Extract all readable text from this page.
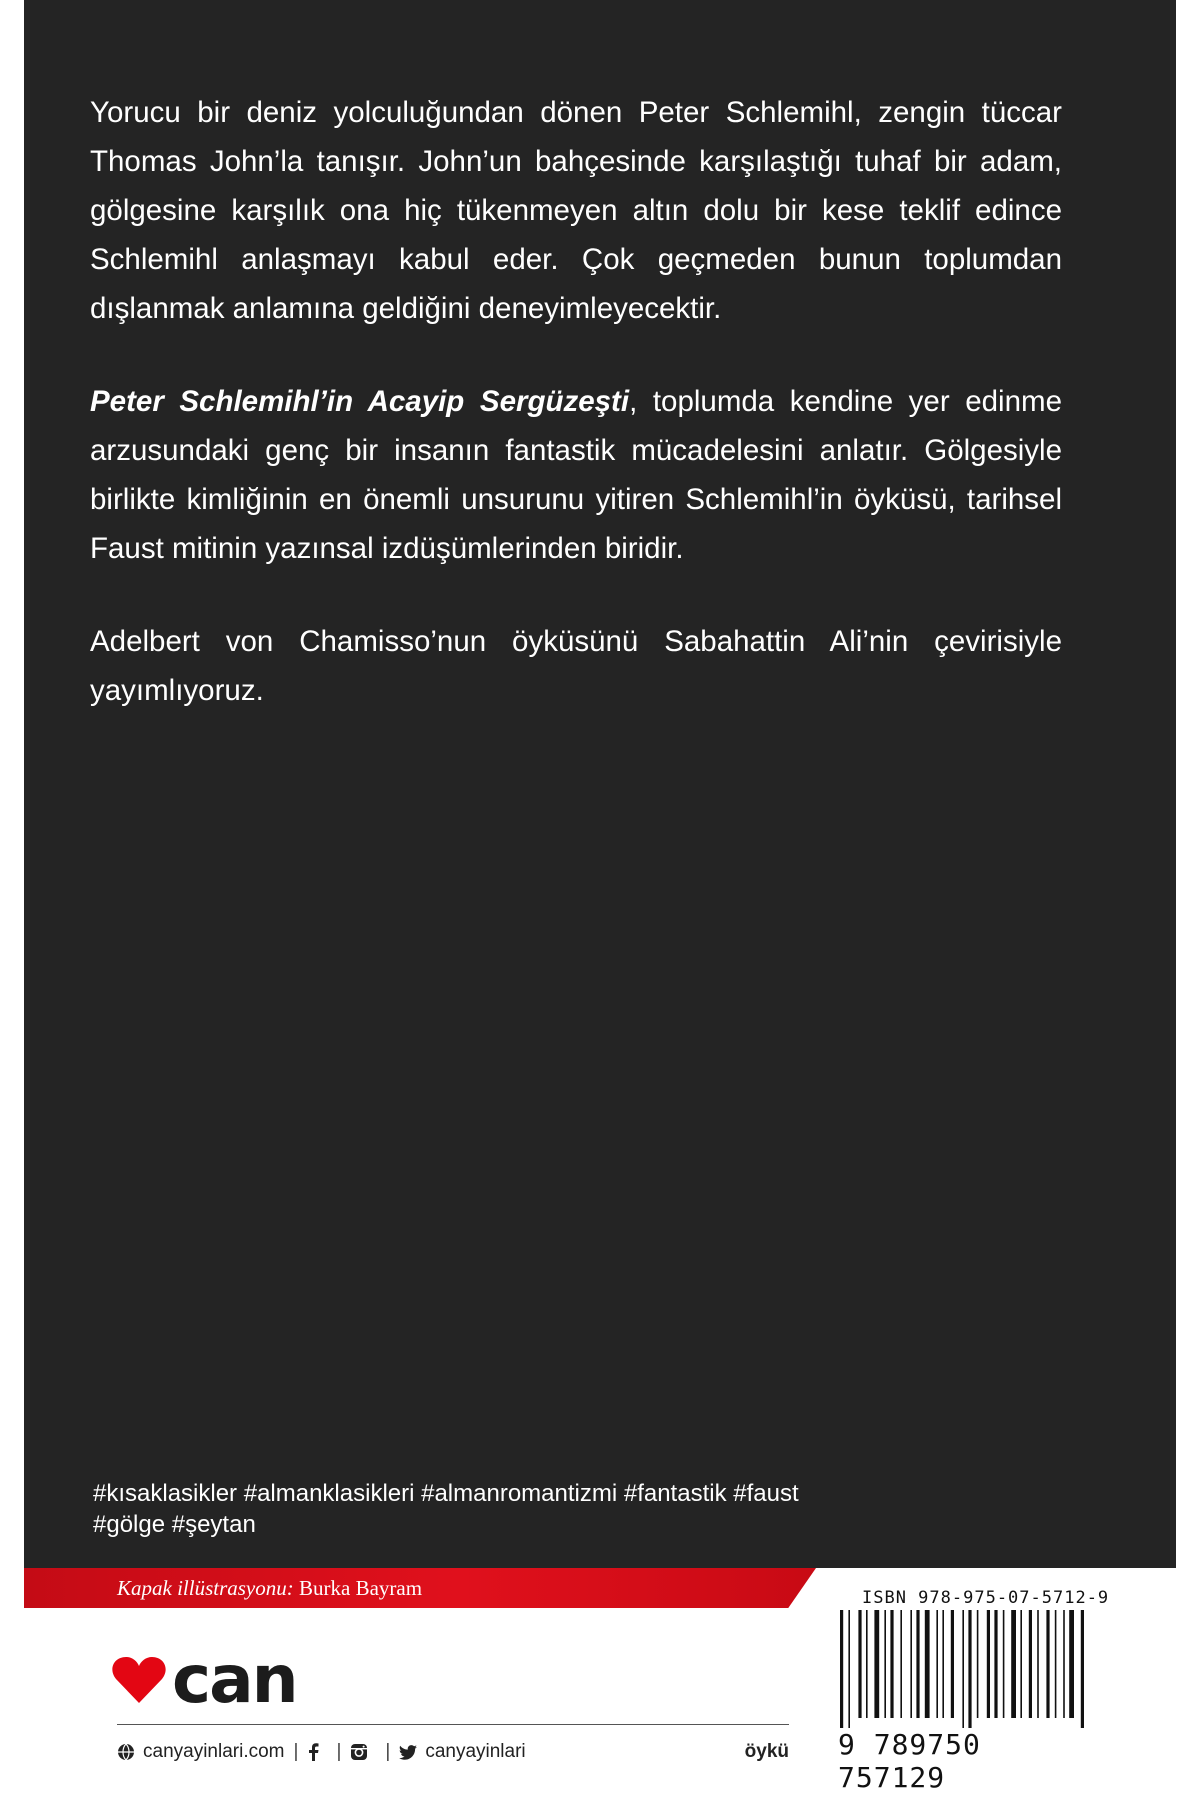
Yorucu bir deniz yolculuğundan dönen Peter Schlemihl, zengin tüccar Thomas John’la tanışır. John’un bahçesinde karşılaştığı tuhaf bir adam, gölgesine karşılık ona hiç tükenmeyen altın dolu bir kese teklif edince Schlemihl anlaşmayı kabul eder. Çok geçmeden bunun toplumdan dışlanmak anlamına geldiğini deneyimleyecektir.

Peter Schlemihl’in Acayip Sergüzeşti, toplumda kendine yer edinme arzusundaki genç bir insanın fantastik mücadelesini anlatır. Gölgesiyle birlikte kimliğinin en önemli unsurunu yitiren Schlemihl’in öyküsü, tarihsel Faust mitinin yazınsal izdüşümlerinden biridir.

Adelbert von Chamisso’nun öyküsünü Sabahattin Ali’nin çevirisiyle yayımlıyoruz.

#kısaklasikler #almanklasikleri #almanromantizmi #fantastik #faust
#gölge #şeytan
Kapak illüstrasyonu: Burka Bayram
can
canyayinlari.com | | | canyayinlari	öykü
ISBN 978-975-07-5712-9
9 789750 757129
